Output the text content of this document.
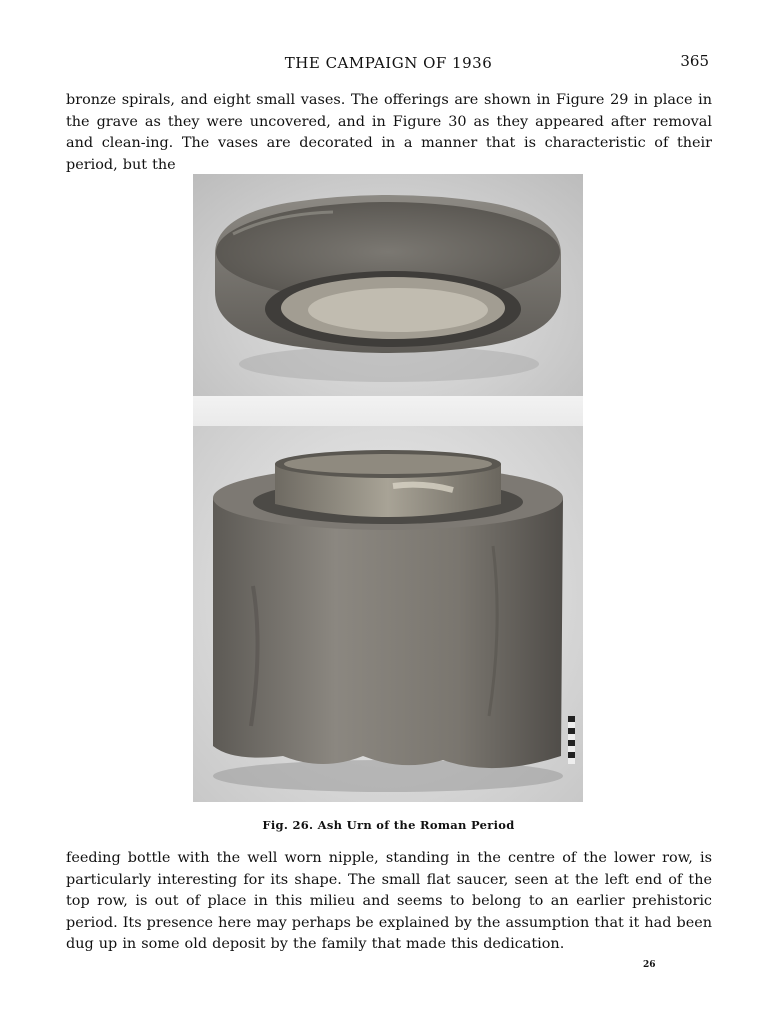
THE CAMPAIGN OF 1936	365

bronze spirals, and eight small vases. The offerings are shown in Figure 29 in place in the grave as they were uncovered, and in Figure 30 as they appeared after removal and clean-ing. The vases are decorated in a manner that is characteristic of their period, but the

Fig. 26. Ash Urn of the Roman Period

feeding bottle with the well worn nipple, standing in the centre of the lower row, is particularly interesting for its shape. The small flat saucer, seen at the left end of the top row, is out of place in this milieu and seems to belong to an earlier prehistoric period. Its presence here may perhaps be explained by the assumption that it had been dug up in some old deposit by the family that made this dedication.

26
